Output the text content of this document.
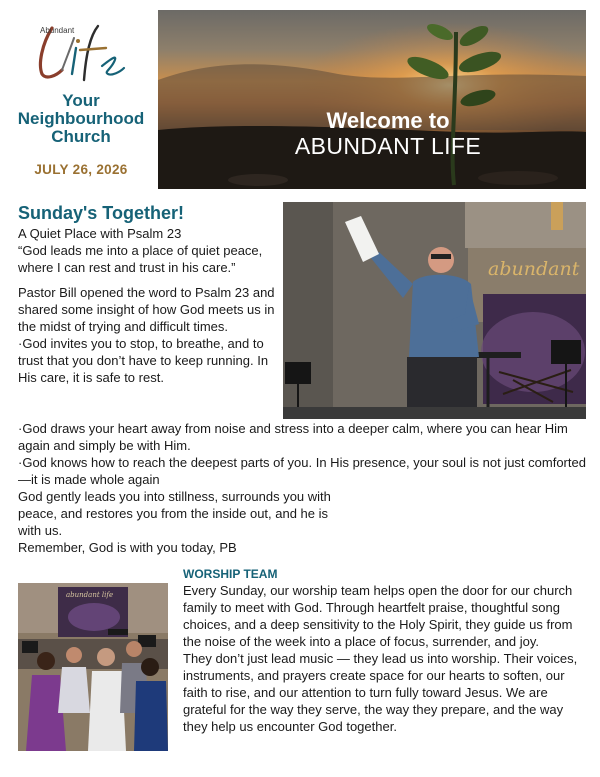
Abundant
Your
Neighbourhood
Church
JULY 26, 2026
Welcome to
ABUNDANT LIFE
Sunday's Together!

A Quiet Place with Psalm 23

“God leads me into a place of quiet peace, where I can rest and trust in his care.”

Pastor Bill opened the word to Psalm 23 and shared some insight of how God meets us in the midst of trying and difficult times.

·God invites you to stop, to breathe, and to trust that you don’t have to keep running. In His care, it is safe to rest.

·God draws your heart away from noise and stress into a deeper calm, where you can hear Him again and simply be with Him.

·God knows how to reach the deepest parts of you. In His presence, your soul is not just comforted—it is made whole again

God gently leads you into stillness, surrounds you with peace, and restores you from the inside out, and he is with us.

Remember, God is with you today, PB

abundant
abundant life
WORSHIP TEAM

Every Sunday, our worship team helps open the door for our church family to meet with God. Through heartfelt praise, thoughtful song choices, and a deep sensitivity to the Holy Spirit, they guide us from the noise of the week into a place of focus, surrender, and joy.

They don’t just lead music — they lead us into worship. Their voices, instruments, and prayers create space for our hearts to soften, our faith to rise, and our attention to turn fully toward Jesus. We are grateful for the way they serve, the way they prepare, and the way they help us encounter God together.
